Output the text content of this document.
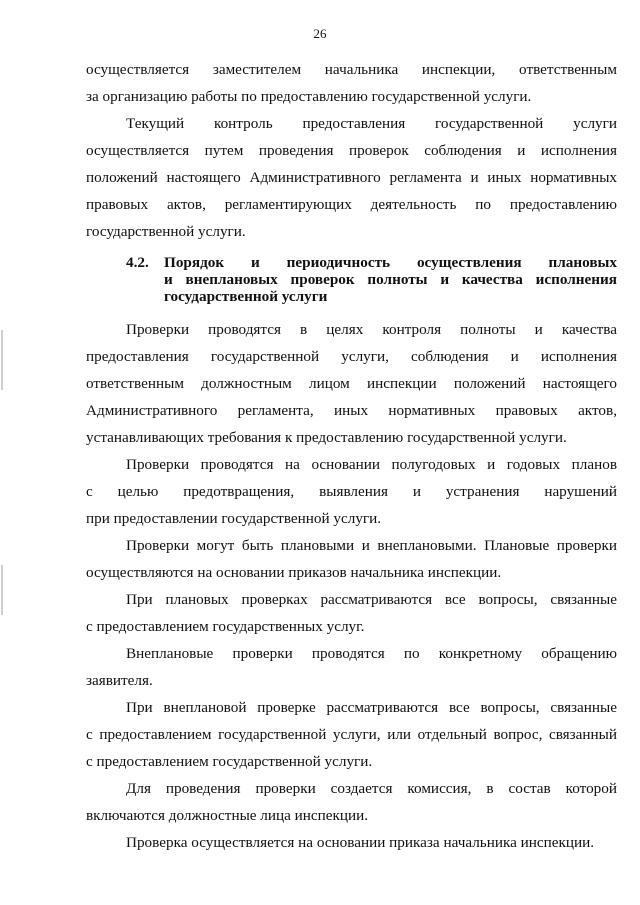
26
осуществляется заместителем начальника инспекции, ответственным
за организацию работы по предоставлению государственной услуги.
Текущий контроль предоставления государственной услуги
осуществляется путем проведения проверок соблюдения и исполнения
положений настоящего Административного регламента и иных нормативных
правовых актов, регламентирующих деятельность по предоставлению
государственной услуги.
4.2. Порядок и периодичность осуществления плановых
и внеплановых проверок полноты и качества исполнения
государственной услуги
Проверки проводятся в целях контроля полноты и качества
предоставления государственной услуги, соблюдения и исполнения
ответственным должностным лицом инспекции положений настоящего
Административного регламента, иных нормативных правовых актов,
устанавливающих требования к предоставлению государственной услуги.
Проверки проводятся на основании полугодовых и годовых планов
с целью предотвращения, выявления и устранения нарушений
при предоставлении государственной услуги.
Проверки могут быть плановыми и внеплановыми. Плановые проверки
осуществляются на основании приказов начальника инспекции.
При плановых проверках рассматриваются все вопросы, связанные
с предоставлением государственных услуг.
Внеплановые проверки проводятся по конкретному обращению
заявителя.
При внеплановой проверке рассматриваются все вопросы, связанные
с предоставлением государственной услуги, или отдельный вопрос, связанный
с предоставлением государственной услуги.
Для проведения проверки создается комиссия, в состав которой
включаются должностные лица инспекции.
Проверка осуществляется на основании приказа начальника инспекции.
